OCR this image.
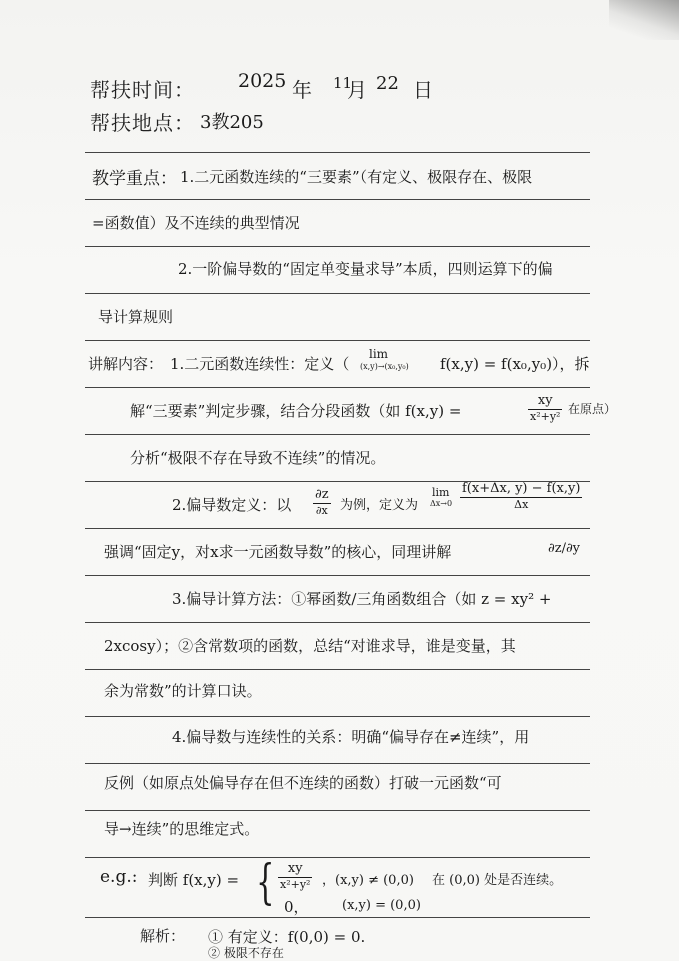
帮扶时间： 2025 年 11
月 22 日
帮扶地点： 3教205
教学重点： 1.二元函数连续的“三要素”（有定义、极限存在、极限
=函数值）及不连续的典型情况
2.一阶偏导数的“固定单变量求导”本质，四则运算下的偏
导计算规则
讲解内容： 1.二元函数连续性：定义（
lim
(x,y)→(x₀,y₀) f(x,y) = f(x₀,y₀)），拆
解“三要素”判定步骤，结合分段函数（如 f(x,y) =
xy
x²+y²
在原点）
分析“极限不存在导致不连续”的情况。
2.偏导数定义：以
∂z
∂x 为例，定义为
lim
Δx→0
f(x+Δx, y) − f(x,y)
Δx
强调“固定y，对x求一元函数导数”的核心，同理讲解	∂z/∂y
3.偏导计算方法：①幂函数/三角函数组合（如 z = xy² +
2xcosy）；②含常数项的函数，总结“对谁求导，谁是变量，其
余为常数”的计算口诀。
4.偏导数与连续性的关系：明确“偏导存在≠连续”，用
反例（如原点处偏导存在但不连续的函数）打破一元函数“可
导→连续”的思维定式。
e.g.: 判断 f(x,y) = { xy
x²+y² ，(x,y) ≠ (0,0) 在 (0,0) 处是否连续。
0，	(x,y) = (0,0)
解析： ① 有定义：f(0,0) = 0.
② 极限不存在
